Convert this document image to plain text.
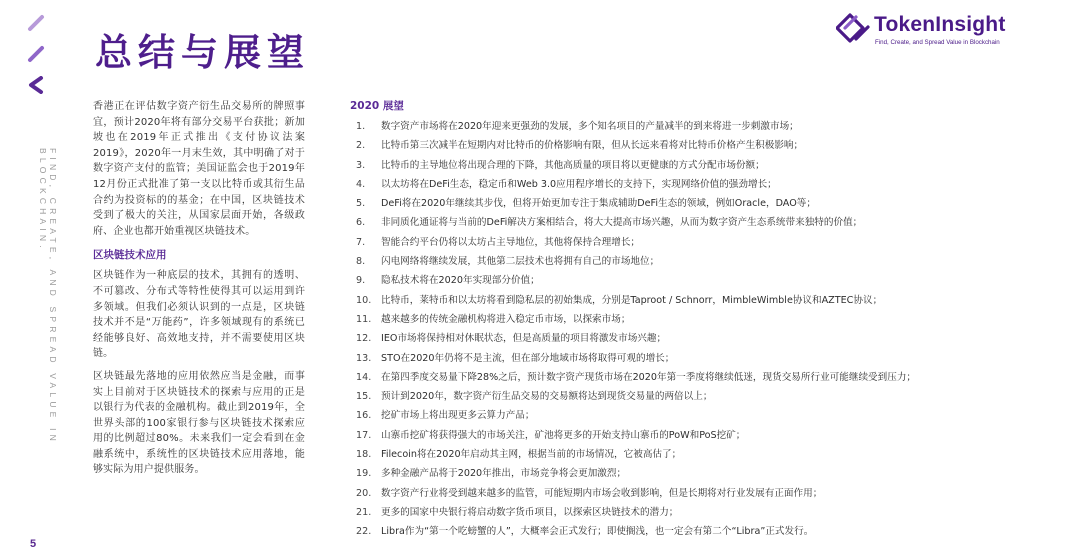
FIND, CREATE, AND SPREAD VALUE IN BLOCKCHAIN.
5
总结与展望
TokenInsight
Find, Create, and Spread Value in Blockchain

香港正在评估数字资产衍生品交易所的牌照事宜，预计2020年将有部分交易平台获批；新加坡也在2019年正式推出《支付协议法案2019》，2020年一月末生效，其中明确了对于数字资产支付的监管；美国证监会也于2019年12月份正式批准了第一支以比特币或其衍生品合约为投资标的的基金；在中国，区块链技术受到了极大的关注，从国家层面开始，各级政府、企业也都开始重视区块链技术。

区块链技术应用

区块链作为一种底层的技术，其拥有的透明、不可篡改、分布式等特性使得其可以运用到许多领域。但我们必须认识到的一点是，区块链技术并不是“万能药”，许多领域现有的系统已经能够良好、高效地支持，并不需要使用区块链。

区块链最先落地的应用依然应当是金融，而事实上目前对于区块链技术的探索与应用的正是以银行为代表的金融机构。截止到2019年，全世界头部的100家银行参与区块链技术探索应用的比例超过80%。未来我们一定会看到在金融系统中，系统性的区块链技术应用落地，能够实际为用户提供服务。

2020 展望
1.	数字资产市场将在2020年迎来更强劲的发展，多个知名项目的产量减半的到来将进一步刺激市场；
2.	比特币第三次减半在短期内对比特币的价格影响有限，但从长远来看将对比特币价格产生积极影响；
3.	比特币的主导地位将出现合理的下降，其他高质量的项目将以更健康的方式分配市场份额；
4.	以太坊将在DeFi生态，稳定币和Web 3.0应用程序增长的支持下，实现网络价值的强劲增长；
5.	DeFi将在2020年继续其步伐，但将开始更加专注于集成辅助DeFi生态的领域，例如Oracle，DAO等；
6.	非同质化通证将与当前的DeFi解决方案相结合，将大大提高市场兴趣，从而为数字资产生态系统带来独特的价值；
7.	智能合约平台仍将以太坊占主导地位，其他将保持合理增长；
8.	闪电网络将继续发展，其他第二层技术也将拥有自己的市场地位；
9.	隐私技术将在2020年实现部分价值；
10.	比特币，莱特币和以太坊将看到隐私层的初始集成，分别是Taproot / Schnorr，MimbleWimble协议和AZTEC协议；
11.	越来越多的传统金融机构将进入稳定币市场，以探索市场；
12.	IEO市场将保持相对休眠状态，但是高质量的项目将激发市场兴趣；
13.	STO在2020年仍将不是主流，但在部分地域市场将取得可观的增长；
14.	在第四季度交易量下降28%之后，预计数字资产现货市场在2020年第一季度将继续低迷，现货交易所行业可能继续受到压力；
15.	预计到2020年，数字资产衍生品交易的交易额将达到现货交易量的两倍以上；
16.	挖矿市场上将出现更多云算力产品；
17.	山寨币挖矿将获得强大的市场关注，矿池将更多的开始支持山寨币的PoW和PoS挖矿；
18.	Filecoin将在2020年启动其主网，根据当前的市场情况，它被高估了；
19.	多种金融产品将于2020年推出，市场竞争将会更加激烈；
20.	数字资产行业将受到越来越多的监管，可能短期内市场会收到影响，但是长期将对行业发展有正面作用；
21.	更多的国家中央银行将启动数字货币项目，以探索区块链技术的潜力；
22.	Libra作为“第一个吃螃蟹的人”，大概率会正式发行；即使搁浅，也一定会有第二个“Libra”正式发行。
